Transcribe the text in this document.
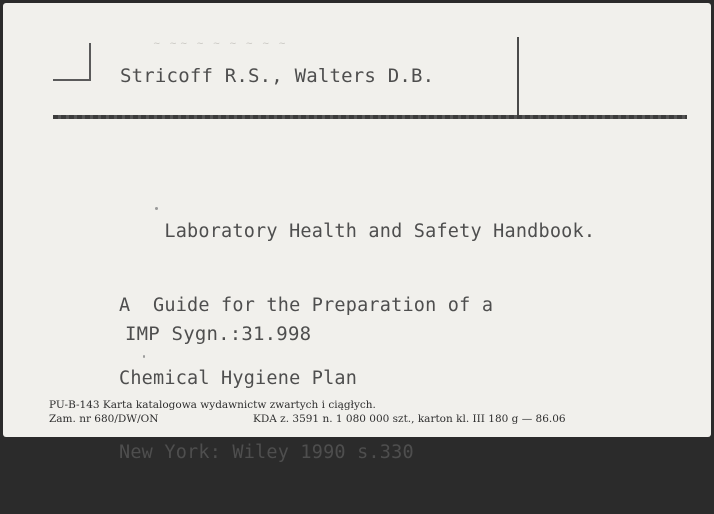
~ ~~ ~ ~ ~ ~ ~ ~
Stricoff R.S., Walters D.B.

Laboratory Health and Safety Handbook.

A  Guide for the Preparation of a

Chemical Hygiene Plan

New York: Wiley 1990 s.330

IMP Sygn.:31.998
PU-B-143 Karta katalogowa wydawnictw zwartych i ciągłych.
Zam. nr 680/DW/ON	KDA z. 3591 n. 1 080 000 szt., karton kl. III 180 g — 86.06
